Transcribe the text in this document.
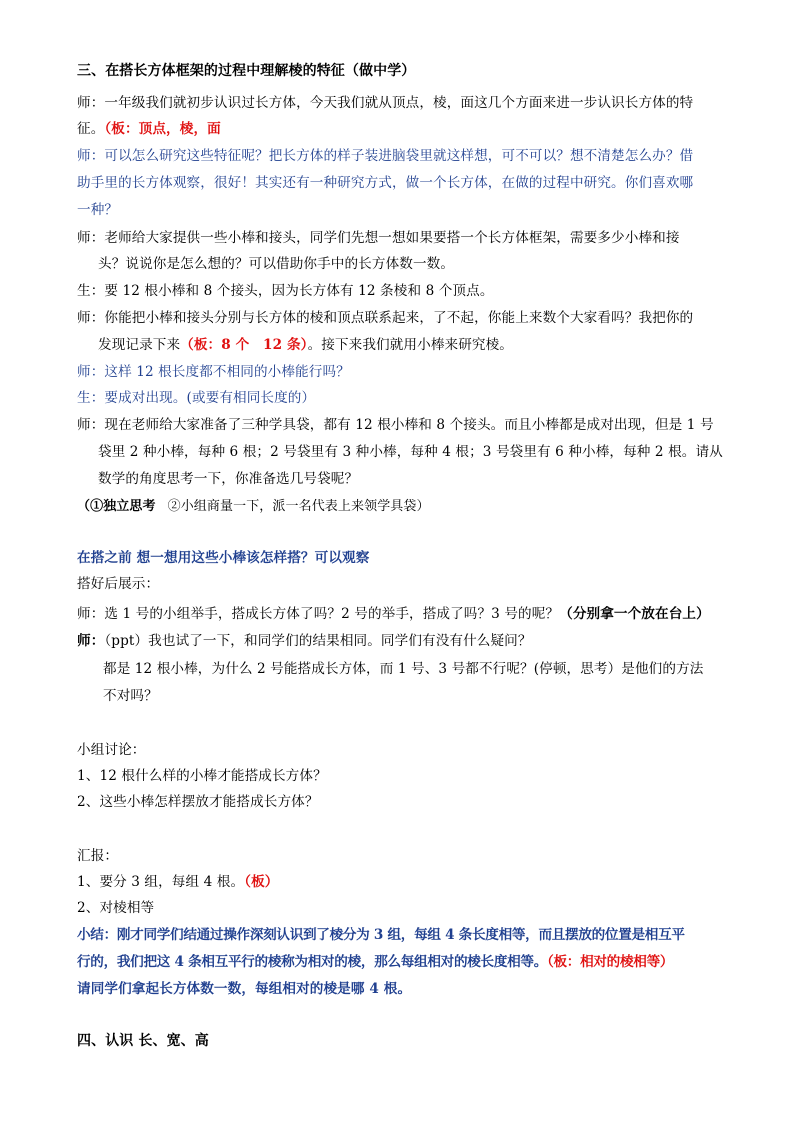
三、在搭长方体框架的过程中理解棱的特征（做中学）
师：一年级我们就初步认识过长方体，今天我们就从顶点，棱，面这几个方面来进一步认识长方体的特
征。（板：顶点，棱，面
师：可以怎么研究这些特征呢？把长方体的样子装进脑袋里就这样想，可不可以？想不清楚怎么办？借
助手里的长方体观察，很好！其实还有一种研究方式，做一个长方体，在做的过程中研究。你们喜欢哪
一种？
师：老师给大家提供一些小棒和接头，同学们先想一想如果要搭一个长方体框架，需要多少小棒和接
头？说说你是怎么想的？可以借助你手中的长方体数一数。
生：要 12 根小棒和 8 个接头，因为长方体有 12 条棱和 8 个顶点。
师：你能把小棒和接头分别与长方体的棱和顶点联系起来，了不起，你能上来数个大家看吗？我把你的
发现记录下来（板：8 个　12 条）。接下来我们就用小棒来研究棱。
师：这样 12 根长度都不相同的小棒能行吗？
生：要成对出现。(或要有相同长度的）
师：现在老师给大家准备了三种学具袋，都有 12 根小棒和 8 个接头。而且小棒都是成对出现，但是 1 号
袋里 2 种小棒，每种 6 根；2 号袋里有 3 种小棒，每种 4 根；3 号袋里有 6 种小棒，每种 2 根。请从
数学的角度思考一下，你准备选几号袋呢？
（①独立思考 ②小组商量一下，派一名代表上来领学具袋）
在搭之前 想一想用这些小棒该怎样搭？可以观察
搭好后展示：
师：选 1 号的小组举手，搭成长方体了吗？2 号的举手，搭成了吗？3 号的呢？（分别拿一个放在台上）
师：（ppt）我也试了一下，和同学们的结果相同。同学们有没有什么疑问？
都是 12 根小棒，为什么 2 号能搭成长方体，而 1 号、3 号都不行呢？(停顿，思考）是他们的方法
不对吗？
小组讨论：
1、12 根什么样的小棒才能搭成长方体？
2、这些小棒怎样摆放才能搭成长方体？
汇报：
1、要分 3 组，每组 4 根。（板）
2、对棱相等
小结：刚才同学们结通过操作深刻认识到了棱分为 3 组，每组 4 条长度相等，而且摆放的位置是相互平
行的，我们把这 4 条相互平行的棱称为相对的棱，那么每组相对的棱长度相等。（板：相对的棱相等）
请同学们拿起长方体数一数，每组相对的棱是哪 4 根。
四、认识 长、宽、高
